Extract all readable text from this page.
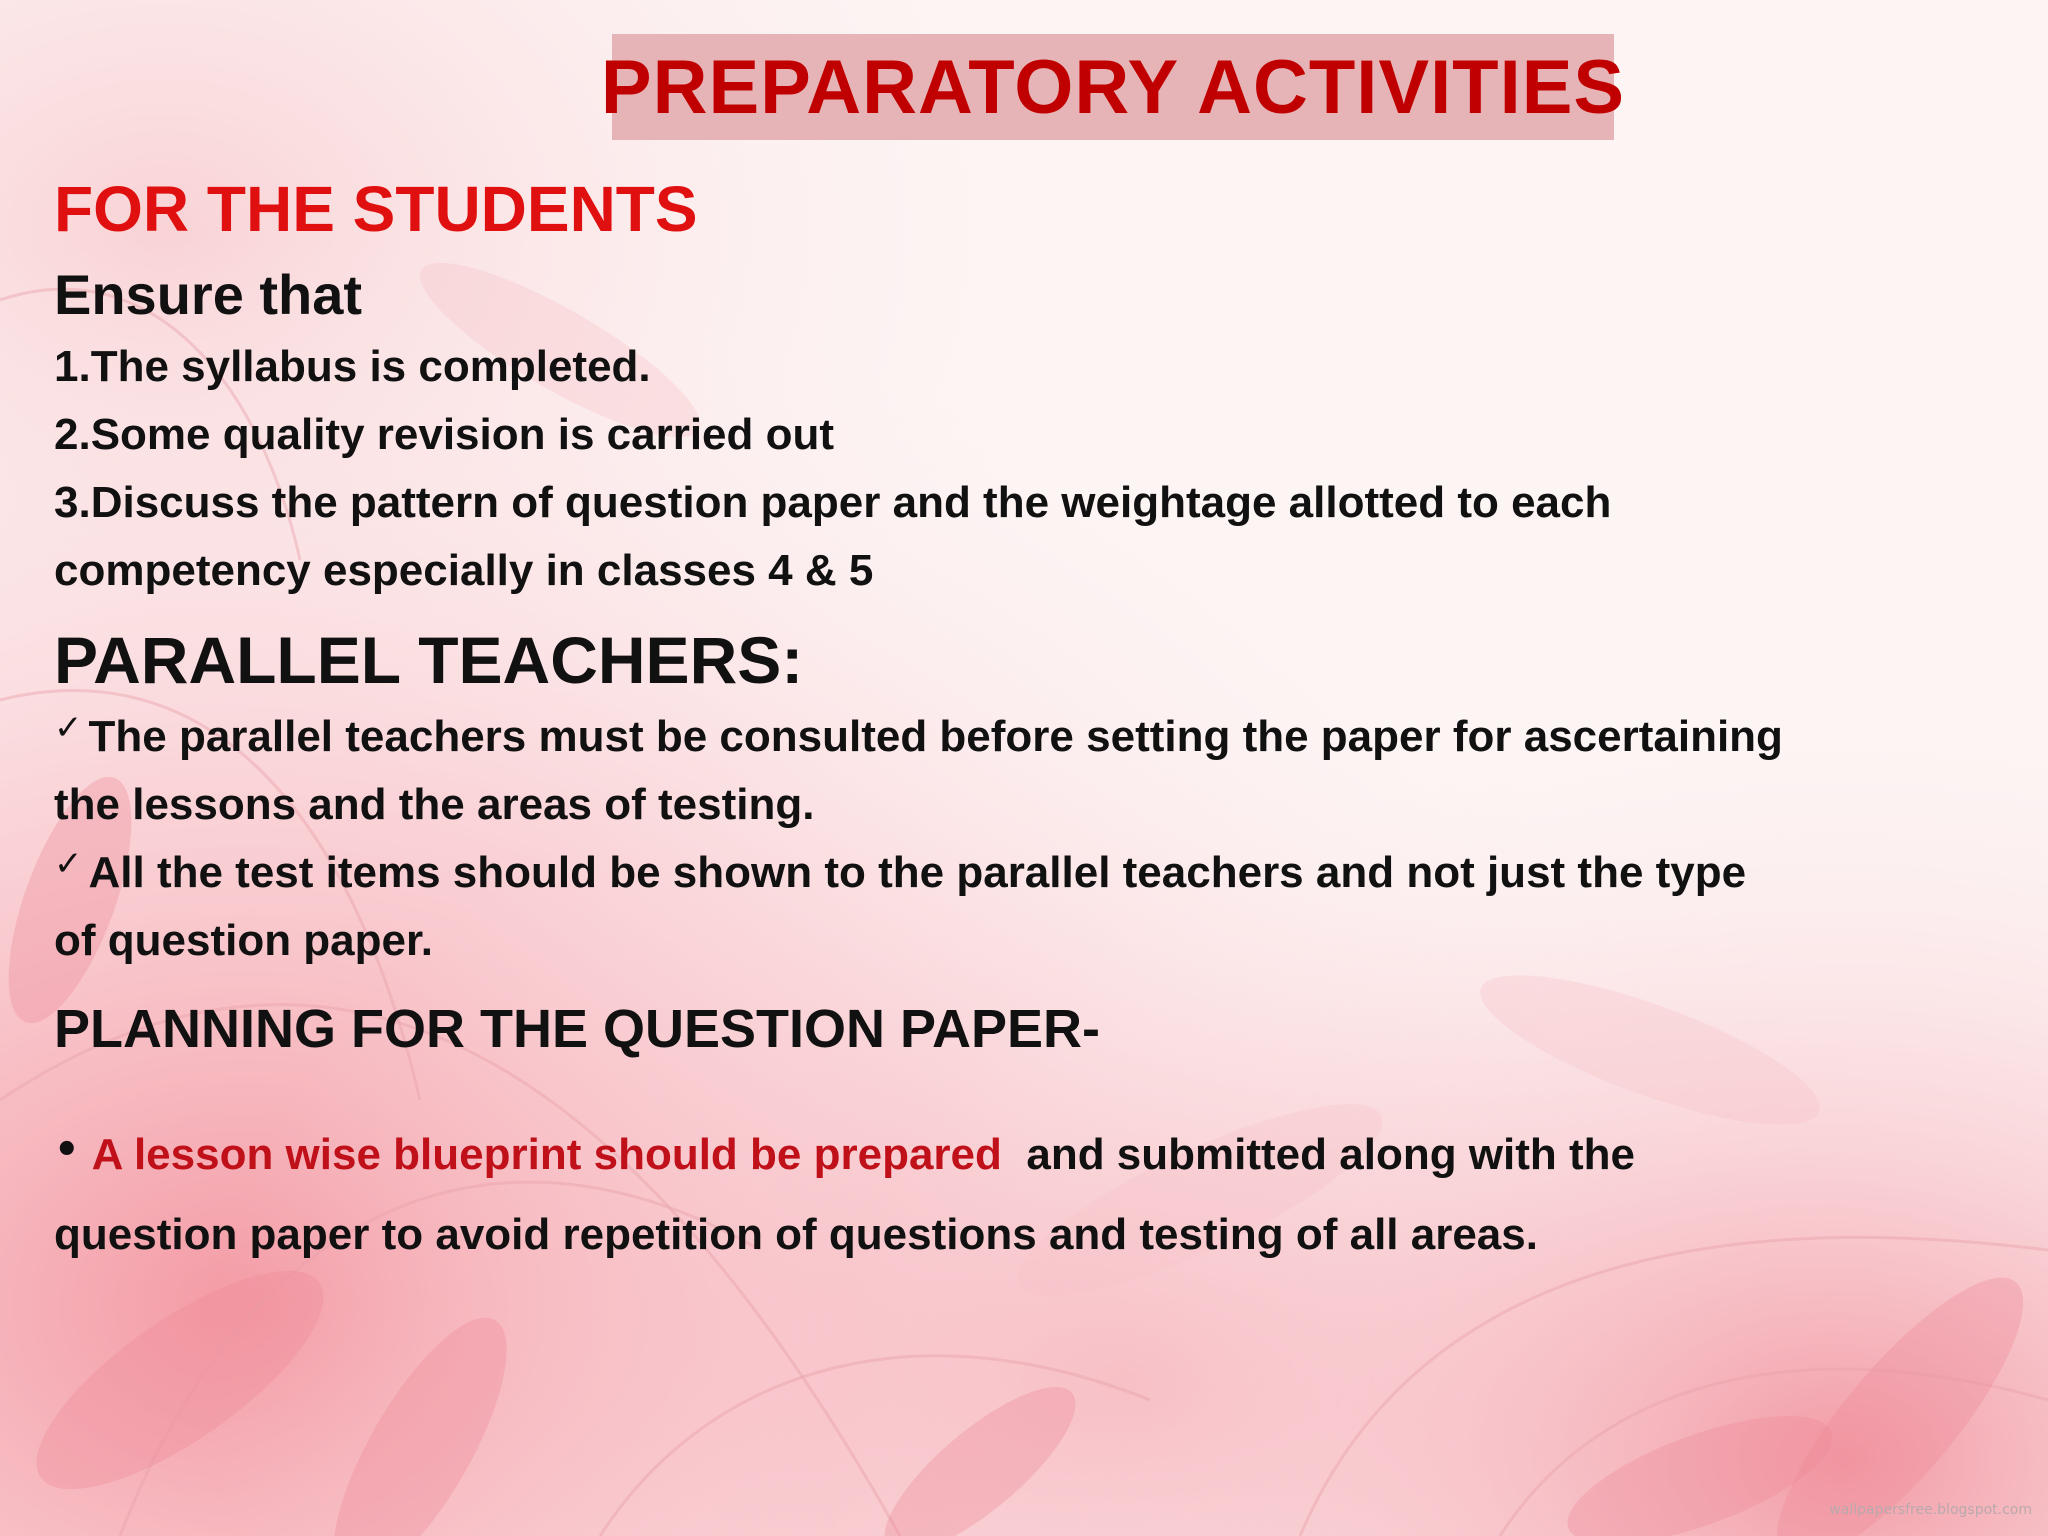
PREPARATORY ACTIVITIES
FOR THE STUDENTS
Ensure that
1.The syllabus is completed.
2.Some quality revision is carried out
3.Discuss the pattern of question paper and the weightage allotted to each
competency especially in classes 4 & 5
PARALLEL TEACHERS:
✓ The parallel teachers must be consulted before setting the paper for ascertaining
the lessons and the areas of testing.
✓ All the test items should be shown to the parallel teachers and not just the type
of question paper.
PLANNING FOR THE QUESTION PAPER-
• A lesson wise blueprint should be prepared  and submitted along with the
question paper to avoid repetition of questions and testing of all areas.
wallpapersfree.blogspot.com
